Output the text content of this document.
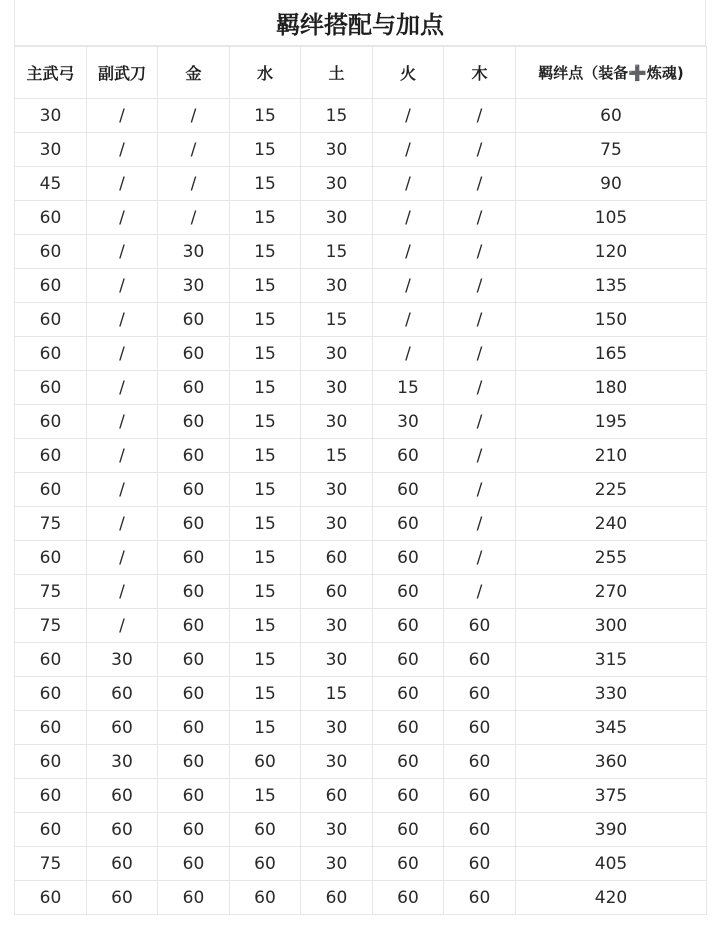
羁绊搭配与加点
主武弓	副武刀	金	水	土	火	木	羁绊点（装备➕炼魂)
30	/	/	15	15	/	/	60
30	/	/	15	30	/	/	75
45	/	/	15	30	/	/	90
60	/	/	15	30	/	/	105
60	/	30	15	15	/	/	120
60	/	30	15	30	/	/	135
60	/	60	15	15	/	/	150
60	/	60	15	30	/	/	165
60	/	60	15	30	15	/	180
60	/	60	15	30	30	/	195
60	/	60	15	15	60	/	210
60	/	60	15	30	60	/	225
75	/	60	15	30	60	/	240
60	/	60	15	60	60	/	255
75	/	60	15	60	60	/	270
75	/	60	15	30	60	60	300
60	30	60	15	30	60	60	315
60	60	60	15	15	60	60	330
60	60	60	15	30	60	60	345
60	30	60	60	30	60	60	360
60	60	60	15	60	60	60	375
60	60	60	60	30	60	60	390
75	60	60	60	30	60	60	405
60	60	60	60	60	60	60	420
